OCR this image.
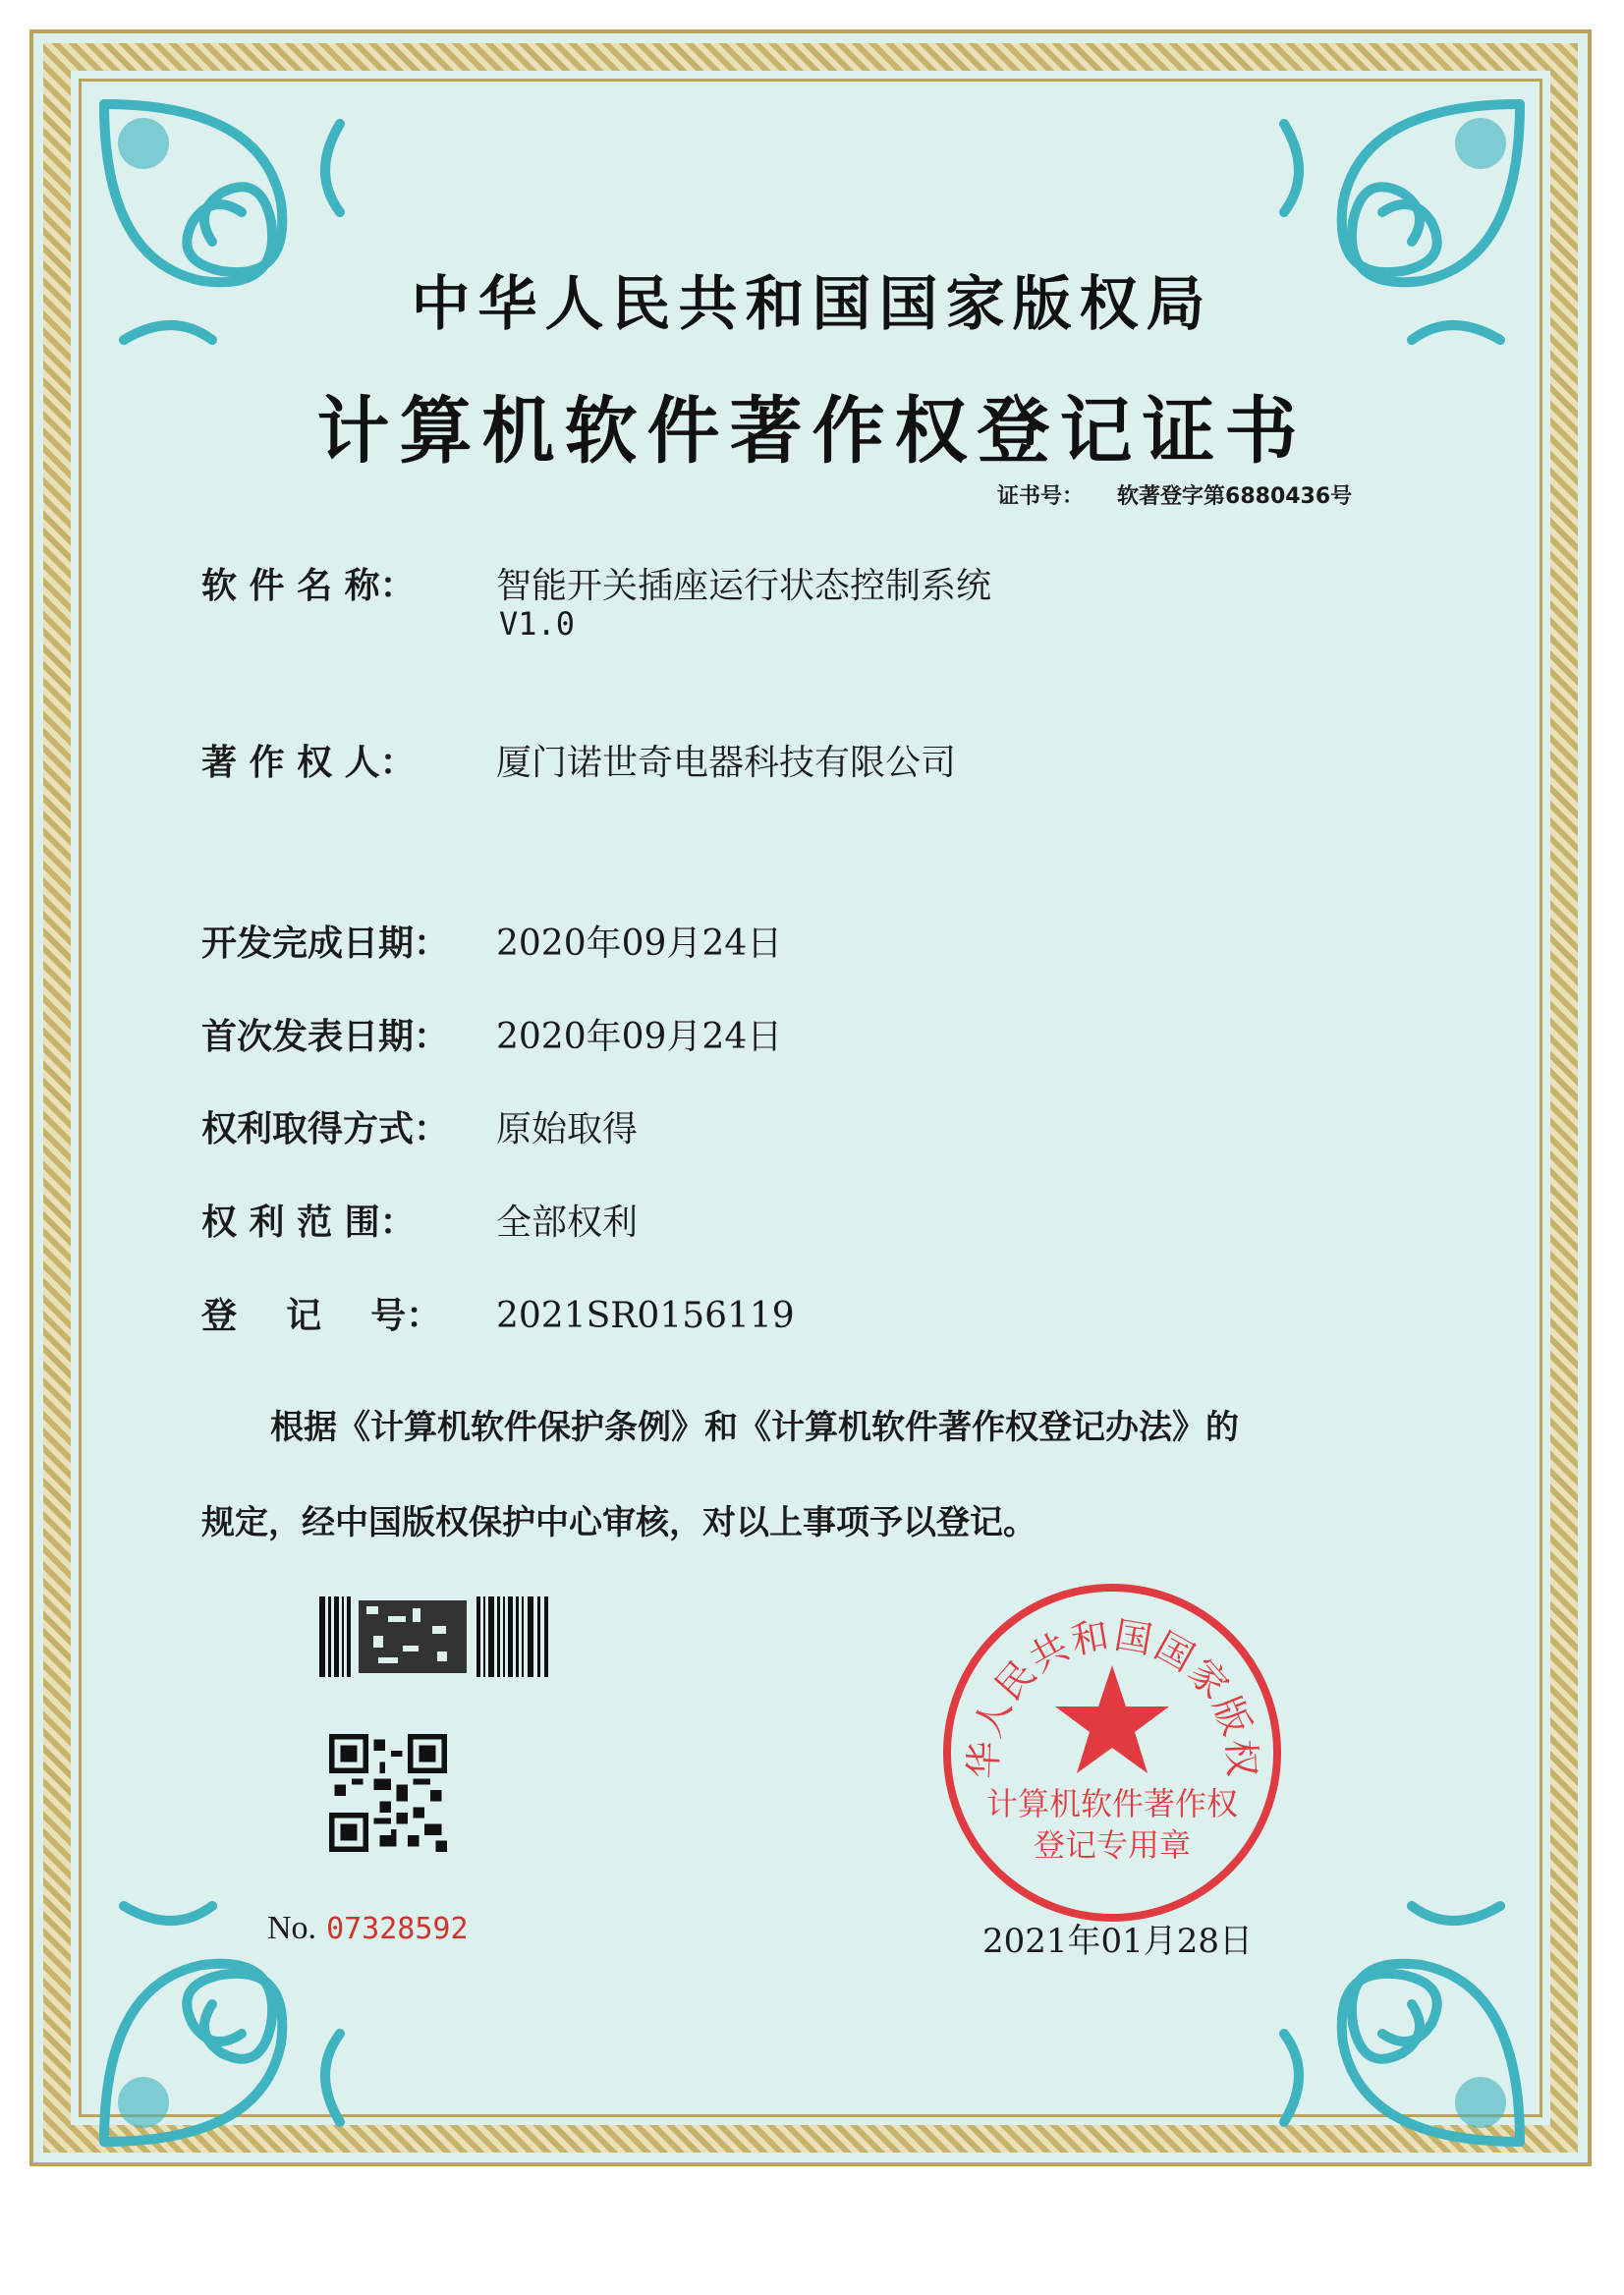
中华人民共和国国家版权局
计算机软件著作权登记证书
证书号： 软著登字第6880436号
软 件 名 称： 智能开关插座运行状态控制系统
V1.0
著 作 权 人： 厦门诺世奇电器科技有限公司
开发完成日期： 2020年09月24日
首次发表日期： 2020年09月24日
权利取得方式： 原始取得
权 利 范 围： 全部权利
登    记    号： 2021SR0156119
根据《计算机软件保护条例》和《计算机软件著作权登记办法》的
规定，经中国版权保护中心审核，对以上事项予以登记。
No. 07328592
华人民共和国国家版权
计算机软件著作权
登记专用章
2021年01月28日
